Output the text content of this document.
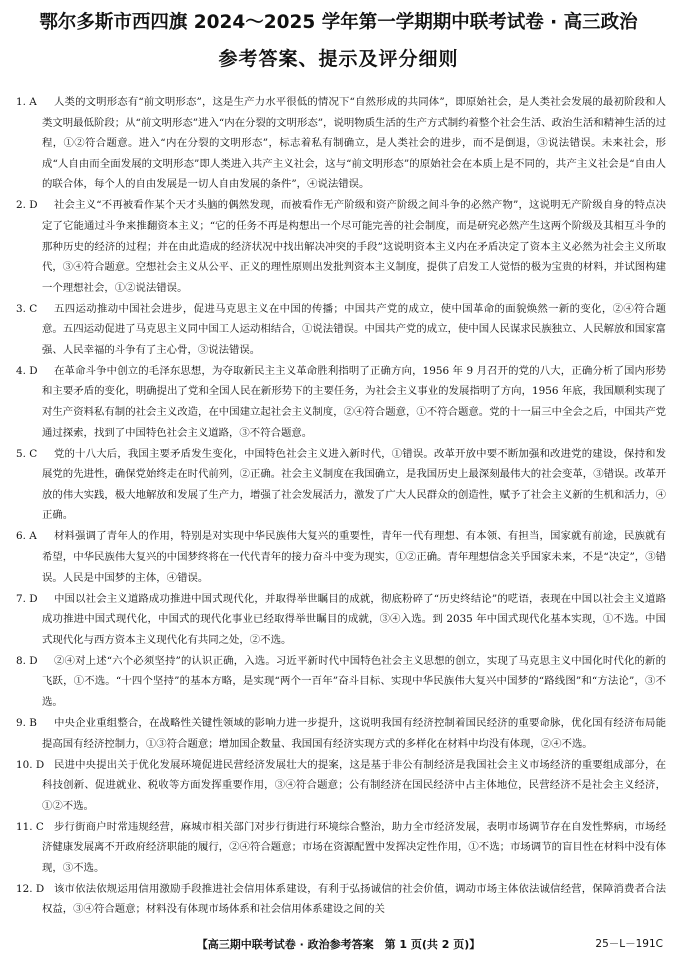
鄂尔多斯市西四旗 2024～2025 学年第一学期期中联考试卷 · 高三政治
参考答案、提示及评分细则
1. A	人类的文明形态有“前文明形态”，这是生产力水平很低的情况下“自然形成的共同体”，即原始社会，是人类社会发展的最初阶段和人类文明最低阶段；从“前文明形态”进入“内在分裂的文明形态”，说明物质生活的生产方式制约着整个社会生活、政治生活和精神生活的过程，①②符合题意。进入“内在分裂的文明形态”，标志着私有制确立，是人类社会的进步，而不是倒退，③说法错误。未来社会，形成“人自由而全面发展的文明形态”即人类进入共产主义社会，这与“前文明形态”的原始社会在本质上是不同的，共产主义社会是“自由人的联合体，每个人的自由发展是一切人自由发展的条件”，④说法错误。
2. D	社会主义“不再被看作某个天才头脑的偶然发现，而被看作无产阶级和资产阶级之间斗争的必然产物”，这说明无产阶级自身的特点决定了它能通过斗争来推翻资本主义；“它的任务不再是构想出一个尽可能完善的社会制度，而是研究必然产生这两个阶级及其相互斗争的那种历史的经济的过程；并在由此造成的经济状况中找出解决冲突的手段”这说明资本主义内在矛盾决定了资本主义必然为社会主义所取代，③④符合题意。空想社会主义从公平、正义的理性原则出发批判资本主义制度，提供了启发工人觉悟的极为宝贵的材料，并试图构建一个理想社会，①②说法错误。
3. C	五四运动推动中国社会进步，促进马克思主义在中国的传播；中国共产党的成立，使中国革命的面貌焕然一新的变化，②④符合题意。五四运动促进了马克思主义同中国工人运动相结合，①说法错误。中国共产党的成立，使中国人民谋求民族独立、人民解放和国家富强、人民幸福的斗争有了主心骨，③说法错误。
4. D	在革命斗争中创立的毛泽东思想，为夺取新民主主义革命胜利指明了正确方向，1956 年 9 月召开的党的八大，正确分析了国内形势和主要矛盾的变化，明确提出了党和全国人民在新形势下的主要任务，为社会主义事业的发展指明了方向，1956 年底，我国顺利实现了对生产资料私有制的社会主义改造，在中国建立起社会主义制度，②④符合题意，①不符合题意。党的十一届三中全会之后，中国共产党通过探索，找到了中国特色社会主义道路，③不符合题意。
5. C	党的十八大后，我国主要矛盾发生变化，中国特色社会主义进入新时代，①错误。改革开放中要不断加强和改进党的建设，保持和发展党的先进性，确保党始终走在时代前列，②正确。社会主义制度在我国确立，是我国历史上最深刻最伟大的社会变革，③错误。改革开放的伟大实践，极大地解放和发展了生产力，增强了社会发展活力，激发了广大人民群众的创造性，赋予了社会主义新的生机和活力，④正确。
6. A	材料强调了青年人的作用，特别是对实现中华民族伟大复兴的重要性，青年一代有理想、有本领、有担当，国家就有前途，民族就有希望，中华民族伟大复兴的中国梦终将在一代代青年的接力奋斗中变为现实，①②正确。青年理想信念关乎国家未来，不是“决定”，③错误。人民是中国梦的主体，④错误。
7. D	中国以社会主义道路成功推进中国式现代化，并取得举世瞩目的成就，彻底粉碎了“历史终结论”的呓语，表现在中国以社会主义道路成功推进中国式现代化，中国式的现代化事业已经取得举世瞩目的成就，③④入选。到 2035 年中国式现代化基本实现，①不选。中国式现代化与西方资本主义现代化有共同之处，②不选。
8. D	②④对上述“六个必须坚持”的认识正确，入选。习近平新时代中国特色社会主义思想的创立，实现了马克思主义中国化时代化的新的飞跃，①不选。“十四个坚持”的基本方略，是实现“两个一百年”奋斗目标、实现中华民族伟大复兴中国梦的“路线图”和“方法论”，③不选。
9. B	中央企业重组整合，在战略性关键性领域的影响力进一步提升，这说明我国有经济控制着国民经济的重要命脉，优化国有经济布局能提高国有经济控制力，①③符合题意；增加国企数量、我国国有经济实现方式的多样化在材料中均没有体现，②④不选。
10. D 民进中央提出关于优化发展环境促进民营经济发展壮大的提案，这是基于非公有制经济是我国社会主义市场经济的重要组成部分，在科技创新、促进就业、税收等方面发挥重要作用，③④符合题意；公有制经济在国民经济中占主体地位，民营经济不是社会主义经济，①②不选。
11. C 步行街商户时常违规经营，麻城市相关部门对步行街进行环境综合整治，助力全市经济发展，表明市场调节存在自发性弊病，市场经济健康发展离不开政府经济职能的履行，②④符合题意；市场在资源配置中发挥决定性作用，①不选；市场调节的盲目性在材料中没有体现，③不选。
12. D 该市依法依规运用信用激励手段推进社会信用体系建设，有利于弘扬诚信的社会价值，调动市场主体依法诚信经营，保障消费者合法权益，③④符合题意；材料没有体现市场体系和社会信用体系建设之间的关
【高三期中联考试卷 · 政治参考答案　第 1 页(共 2 页)】	25－L－191C
